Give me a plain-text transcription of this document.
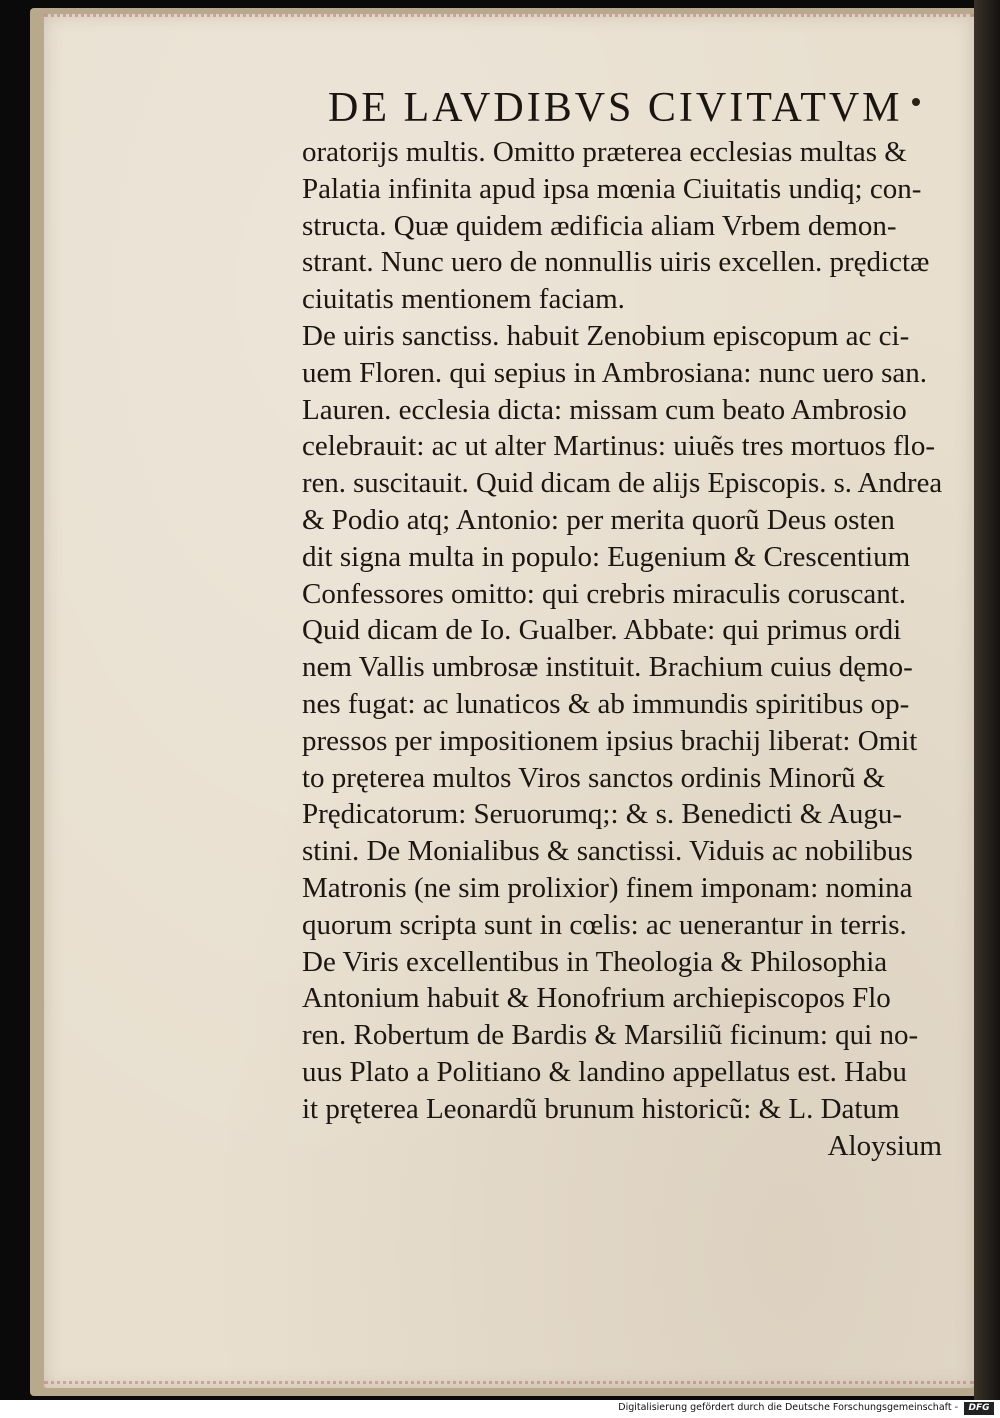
DE LAVDIBVS CIVITATVM
oratorijs multis. Omitto præterea ecclesias multas &
Palatia infinita apud ipsa mœnia Ciuitatis undiq; con-
structa. Quæ quidem ædificia aliam Vrbem demon-
strant. Nunc uero de nonnullis uiris excellen. prędictæ
ciuitatis mentionem faciam.
De uiris sanctiss. habuit Zenobium episcopum ac ci-
uem Floren. qui sepius in Ambrosiana: nunc uero san.
Lauren. ecclesia dicta: missam cum beato Ambrosio
celebrauit: ac ut alter Martinus: uiuẽs tres mortuos flo-
ren. suscitauit. Quid dicam de alijs Episcopis. s. Andrea
& Podio atq; Antonio: per merita quorũ Deus osten
dit signa multa in populo: Eugenium & Crescentium
Confessores omitto: qui crebris miraculis coruscant.
Quid dicam de Io. Gualber. Abbate: qui primus ordi
nem Vallis umbrosæ instituit. Brachium cuius dęmo-
nes fugat: ac lunaticos & ab immundis spiritibus op-
pressos per impositionem ipsius brachij liberat: Omit
to pręterea multos Viros sanctos ordinis Minorũ &
Prędicatorum: Seruorumq;: & s. Benedicti & Augu-
stini. De Monialibus & sanctissi. Viduis ac nobilibus
Matronis (ne sim prolixior) finem imponam: nomina
quorum scripta sunt in cœlis: ac uenerantur in terris.
De Viris excellentibus in Theologia & Philosophia
Antonium habuit & Honofrium archiepiscopos Flo
ren. Robertum de Bardis & Marsiliũ ficinum: qui no-
uus Plato a Politiano & landino appellatus est. Habu
it pręterea Leonardũ brunum historicũ: & L. Datum
Aloysium
Digitalisierung gefördert durch die Deutsche Forschungsgemeinschaft -	DFG
